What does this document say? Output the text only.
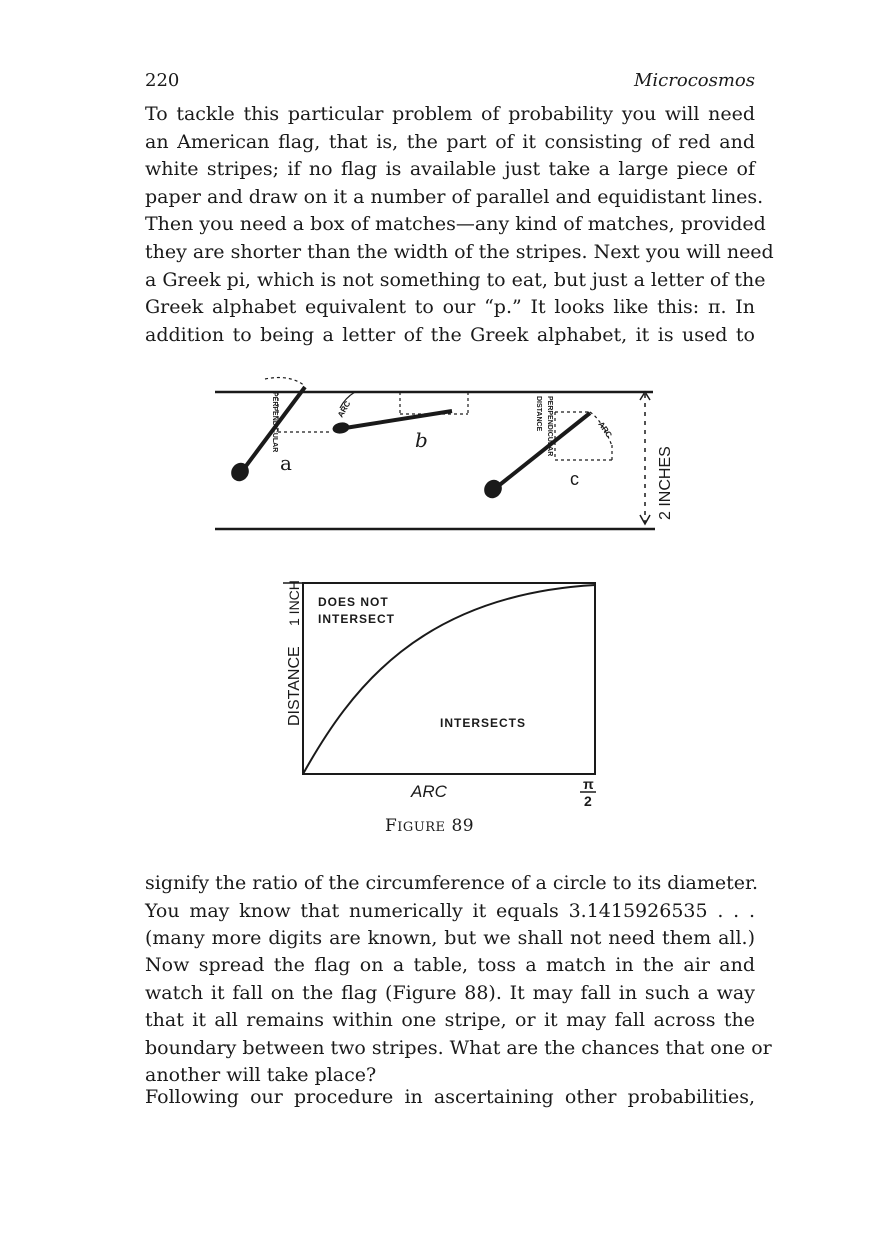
220	Microcosmos
To tackle this particular problem of probability you will need
an American flag, that is, the part of it consisting of red and
white stripes; if no flag is available just take a large piece of
paper and draw on it a number of parallel and equidistant lines.
Then you need a box of matches—any kind of matches, provided
they are shorter than the width of the stripes. Next you will need
a Greek pi, which is not something to eat, but just a letter of the
Greek alphabet equivalent to our “p.” It looks like this: π. In
addition to being a letter of the Greek alphabet, it is used to
a
b
c
PERPENDICULAR	DISTANCE PERPENDICULAR
ARC
ARC
2 INCHES
DISTANCE
1 INCH DOES NOT
INTERSECT
INTERSECTS
ARC	π
2
FIGURE 89
signify the ratio of the circumference of a circle to its diameter.
You may know that numerically it equals 3.1415926535 . . .
(many more digits are known, but we shall not need them all.)
Now spread the flag on a table, toss a match in the air and
watch it fall on the flag (Figure 88). It may fall in such a way
that it all remains within one stripe, or it may fall across the
boundary between two stripes. What are the chances that one or
another will take place?
Following our procedure in ascertaining other probabilities,
